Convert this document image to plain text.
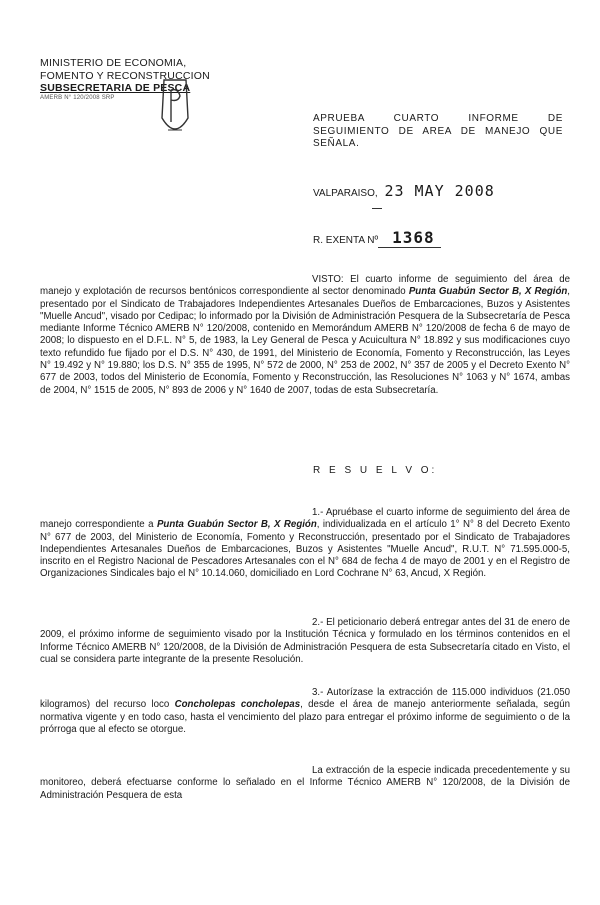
MINISTERIO DE ECONOMIA,
FOMENTO Y RECONSTRUCCION
SUBSECRETARIA DE PESCA
AMERB N° 120/2008 SRP
APRUEBA CUARTO INFORME DE SEGUIMIENTO DE AREA DE MANEJO QUE SEÑALA.
VALPARAISO, 23 MAY 2008
R. EXENTA Nº 1368
VISTO: El cuarto informe de seguimiento del área de manejo y explotación de recursos bentónicos correspondiente al sector denominado Punta Guabún Sector B, X Región, presentado por el Sindicato de Trabajadores Independientes Artesanales Dueños de Embarcaciones, Buzos y Asistentes "Muelle Ancud", visado por Cedipac; lo informado por la División de Administración Pesquera de la Subsecretaría de Pesca mediante Informe Técnico AMERB N° 120/2008, contenido en Memorándum AMERB N° 120/2008 de fecha 6 de mayo de 2008; lo dispuesto en el D.F.L. N° 5, de 1983, la Ley General de Pesca y Acuicultura N° 18.892 y sus modificaciones cuyo texto refundido fue fijado por el D.S. N° 430, de 1991, del Ministerio de Economía, Fomento y Reconstrucción, las Leyes N° 19.492 y N° 19.880; los D.S. N° 355 de 1995, N° 572 de 2000, N° 253 de 2002, N° 357 de 2005 y el Decreto Exento N° 677 de 2003, todos del Ministerio de Economía, Fomento y Reconstrucción, las Resoluciones N° 1063 y N° 1674, ambas de 2004, N° 1515 de 2005, N° 893 de 2006 y N° 1640 de 2007, todas de esta Subsecretaría.
R E S U E L V O:
1.- Apruébase el cuarto informe de seguimiento del área de manejo correspondiente a Punta Guabún Sector B, X Región, individualizada en el artículo 1° N° 8 del Decreto Exento N° 677 de 2003, del Ministerio de Economía, Fomento y Reconstrucción, presentado por el Sindicato de Trabajadores Independientes Artesanales Dueños de Embarcaciones, Buzos y Asistentes "Muelle Ancud", R.U.T. N° 71.595.000-5, inscrito en el Registro Nacional de Pescadores Artesanales con el N° 684 de fecha 4 de mayo de 2001 y en el Registro de Organizaciones Sindicales bajo el N° 10.14.060, domiciliado en Lord Cochrane N° 63, Ancud, X Región.
2.- El peticionario deberá entregar antes del 31 de enero de 2009, el próximo informe de seguimiento visado por la Institución Técnica y formulado en los términos contenidos en el Informe Técnico AMERB N° 120/2008, de la División de Administración Pesquera de esta Subsecretaría citado en Visto, el cual se considera parte integrante de la presente Resolución.
3.- Autorízase la extracción de 115.000 individuos (21.050 kilogramos) del recurso loco Concholepas concholepas, desde el área de manejo anteriormente señalada, según normativa vigente y en todo caso, hasta el vencimiento del plazo para entregar el próximo informe de seguimiento o de la prórroga que al efecto se otorgue.
La extracción de la especie indicada precedentemente y su monitoreo, deberá efectuarse conforme lo señalado en el Informe Técnico AMERB N° 120/2008, de la División de Administración Pesquera de esta
